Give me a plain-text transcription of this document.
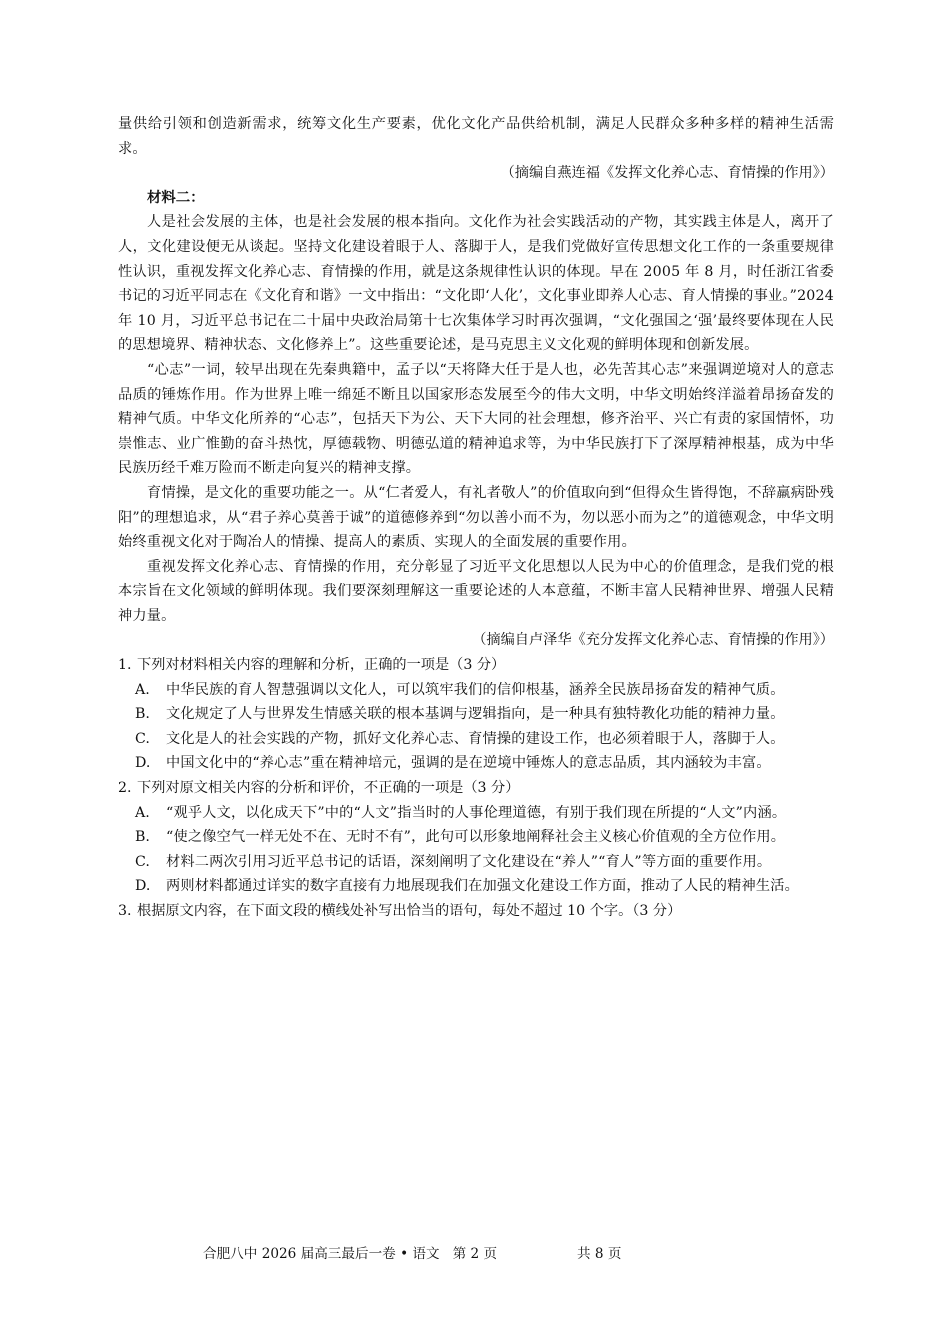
量供给引领和创造新需求，统筹文化生产要素，优化文化产品供给机制，满足人民群众多种多样的精神生活需求。

（摘编自燕连福《发挥文化养心志、育情操的作用》）

材料二：

人是社会发展的主体，也是社会发展的根本指向。文化作为社会实践活动的产物，其实践主体是人，离开了人，文化建设便无从谈起。坚持文化建设着眼于人、落脚于人，是我们党做好宣传思想文化工作的一条重要规律性认识，重视发挥文化养心志、育情操的作用，就是这条规律性认识的体现。早在 2005 年 8 月，时任浙江省委书记的习近平同志在《文化育和谐》一文中指出：“文化即‘人化’，文化事业即养人心志、育人情操的事业。”2024 年 10 月，习近平总书记在二十届中央政治局第十七次集体学习时再次强调，“文化强国之‘强’最终要体现在人民的思想境界、精神状态、文化修养上”。这些重要论述，是马克思主义文化观的鲜明体现和创新发展。

“心志”一词，较早出现在先秦典籍中，孟子以“天将降大任于是人也，必先苦其心志”来强调逆境对人的意志品质的锤炼作用。作为世界上唯一绵延不断且以国家形态发展至今的伟大文明，中华文明始终洋溢着昂扬奋发的精神气质。中华文化所养的“心志”，包括天下为公、天下大同的社会理想，修齐治平、兴亡有责的家国情怀，功崇惟志、业广惟勤的奋斗热忱，厚德载物、明德弘道的精神追求等，为中华民族打下了深厚精神根基，成为中华民族历经千难万险而不断走向复兴的精神支撑。

育情操，是文化的重要功能之一。从“仁者爱人，有礼者敬人”的价值取向到“但得众生皆得饱，不辞羸病卧残阳”的理想追求，从“君子养心莫善于诚”的道德修养到“勿以善小而不为，勿以恶小而为之”的道德观念，中华文明始终重视文化对于陶冶人的情操、提高人的素质、实现人的全面发展的重要作用。

重视发挥文化养心志、育情操的作用，充分彰显了习近平文化思想以人民为中心的价值理念，是我们党的根本宗旨在文化领域的鲜明体现。我们要深刻理解这一重要论述的人本意蕴，不断丰富人民精神世界、增强人民精神力量。

（摘编自卢泽华《充分发挥文化养心志、育情操的作用》）

1. 下列对材料相关内容的理解和分析，正确的一项是（3 分）

A.	中华民族的育人智慧强调以文化人，可以筑牢我们的信仰根基，涵养全民族昂扬奋发的精神气质。
B.	文化规定了人与世界发生情感关联的根本基调与逻辑指向，是一种具有独特教化功能的精神力量。
C.	文化是人的社会实践的产物，抓好文化养心志、育情操的建设工作，也必须着眼于人，落脚于人。
D.	中国文化中的“养心志”重在精神培元，强调的是在逆境中锤炼人的意志品质，其内涵较为丰富。

2. 下列对原文相关内容的分析和评价，不正确的一项是（3 分）

A.	“观乎人文，以化成天下”中的“人文”指当时的人事伦理道德，有别于我们现在所提的“人文”内涵。
B.	“使之像空气一样无处不在、无时不有”，此句可以形象地阐释社会主义核心价值观的全方位作用。
C.	材料二两次引用习近平总书记的话语，深刻阐明了文化建设在“养人”“育人”等方面的重要作用。
D.	两则材料都通过详实的数字直接有力地展现我们在加强文化建设工作方面，推动了人民的精神生活。

3. 根据原文内容，在下面文段的横线处补写出恰当的语句，每处不超过 10 个字。（3 分）

合肥八中 2026 届高三最后一卷 • 语文   第 2 页	共 8 页
